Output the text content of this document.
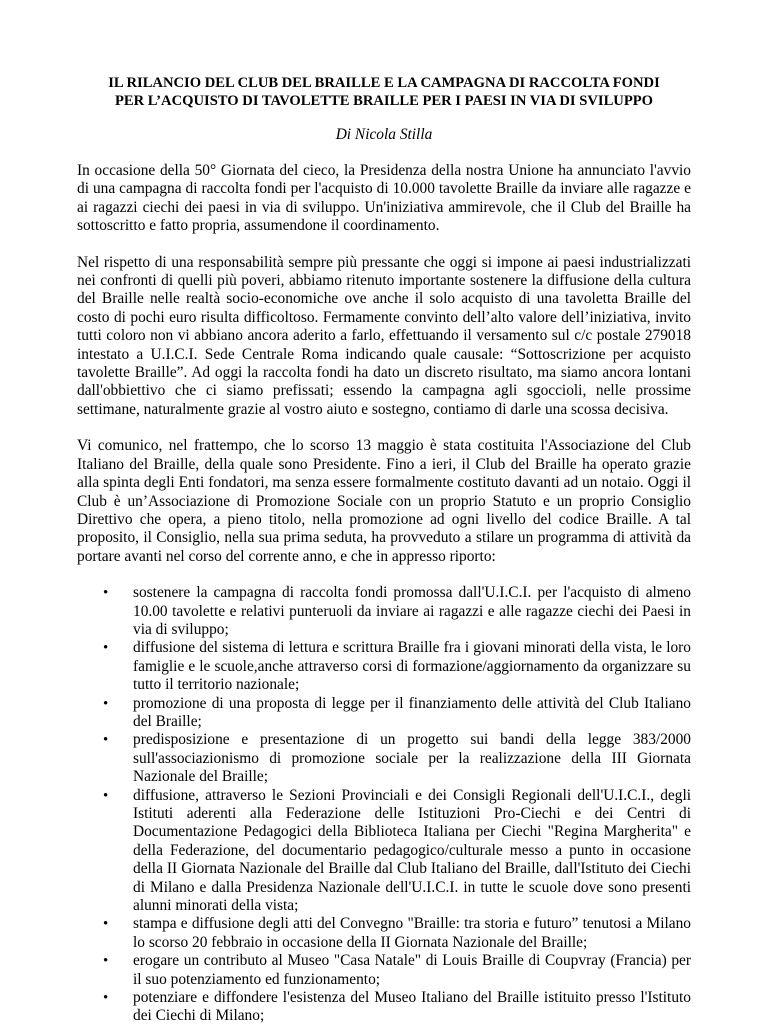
IL RILANCIO DEL CLUB DEL BRAILLE E LA CAMPAGNA DI RACCOLTA FONDI
PER L’ACQUISTO DI TAVOLETTE BRAILLE PER I PAESI IN VIA DI SVILUPPO
Di Nicola Stilla

In occasione della 50° Giornata del cieco, la Presidenza della nostra Unione ha annunciato l'avvio di una campagna di raccolta fondi per l'acquisto di 10.000 tavolette Braille da inviare alle ragazze e ai ragazzi ciechi dei paesi in via di sviluppo. Un'iniziativa ammirevole, che il Club del Braille ha sottoscritto e fatto propria, assumendone il coordinamento.

Nel rispetto di una responsabilità sempre più pressante che oggi si impone ai paesi industrializzati nei confronti di quelli più poveri, abbiamo ritenuto importante sostenere la diffusione della cultura del Braille nelle realtà socio-economiche ove anche il solo acquisto di una tavoletta Braille del costo di pochi euro risulta difficoltoso. Fermamente convinto dell’alto valore dell’iniziativa, invito tutti coloro non vi abbiano ancora aderito a farlo, effettuando il versamento sul c/c postale 279018 intestato a U.I.C.I. Sede Centrale Roma indicando quale causale: “Sottoscrizione per acquisto tavolette Braille”. Ad oggi la raccolta fondi ha dato un discreto risultato, ma siamo ancora lontani dall'obbiettivo che ci siamo prefissati; essendo la campagna agli sgoccioli, nelle prossime settimane, naturalmente grazie al vostro aiuto e sostegno, contiamo di darle una scossa decisiva.

Vi comunico, nel frattempo, che lo scorso 13 maggio è stata costituita l'Associazione del Club Italiano del Braille, della quale sono Presidente. Fino a ieri, il Club del Braille ha operato grazie alla spinta degli Enti fondatori, ma senza essere formalmente costituto davanti ad un notaio. Oggi il Club è un’Associazione di Promozione Sociale con un proprio Statuto e un proprio Consiglio Direttivo che opera, a pieno titolo, nella promozione ad ogni livello del codice Braille. A tal proposito, il Consiglio, nella sua prima seduta, ha provveduto a stilare un programma di attività da portare avanti nel corso del corrente anno, e che in appresso riporto:

• sostenere la campagna di raccolta fondi promossa dall'U.I.C.I. per l'acquisto di almeno 10.00 tavolette e relativi punteruoli da inviare ai ragazzi e alle ragazze ciechi dei Paesi in via di sviluppo;
• diffusione del sistema di lettura e scrittura Braille fra i giovani minorati della vista, le loro famiglie e le scuole,anche attraverso corsi di formazione/aggiornamento da organizzare su tutto il territorio nazionale;
• promozione di una proposta di legge per il finanziamento delle attività del Club Italiano del Braille;
• predisposizione e presentazione di un progetto sui bandi della legge 383/2000 sull'associazionismo di promozione sociale per la realizzazione della III Giornata Nazionale del Braille;
• diffusione, attraverso le Sezioni Provinciali e dei Consigli Regionali dell'U.I.C.I., degli Istituti aderenti alla Federazione delle Istituzioni Pro-Ciechi e dei Centri di Documentazione Pedagogici della Biblioteca Italiana per Ciechi "Regina Margherita" e della Federazione, del documentario pedagogico/culturale messo a punto in occasione della II Giornata Nazionale del Braille dal Club Italiano del Braille, dall'Istituto dei Ciechi di Milano e dalla Presidenza Nazionale dell'U.I.C.I. in tutte le scuole dove sono presenti alunni minorati della vista;
• stampa e diffusione degli atti del Convegno "Braille: tra storia e futuro” tenutosi a Milano lo scorso 20 febbraio in occasione della II Giornata Nazionale del Braille;
• erogare un contributo al Museo "Casa Natale" di Louis Braille di Coupvray (Francia) per il suo potenziamento ed funzionamento;
• potenziare e diffondere l'esistenza del Museo Italiano del Braille istituito presso l'Istituto dei Ciechi di Milano;
